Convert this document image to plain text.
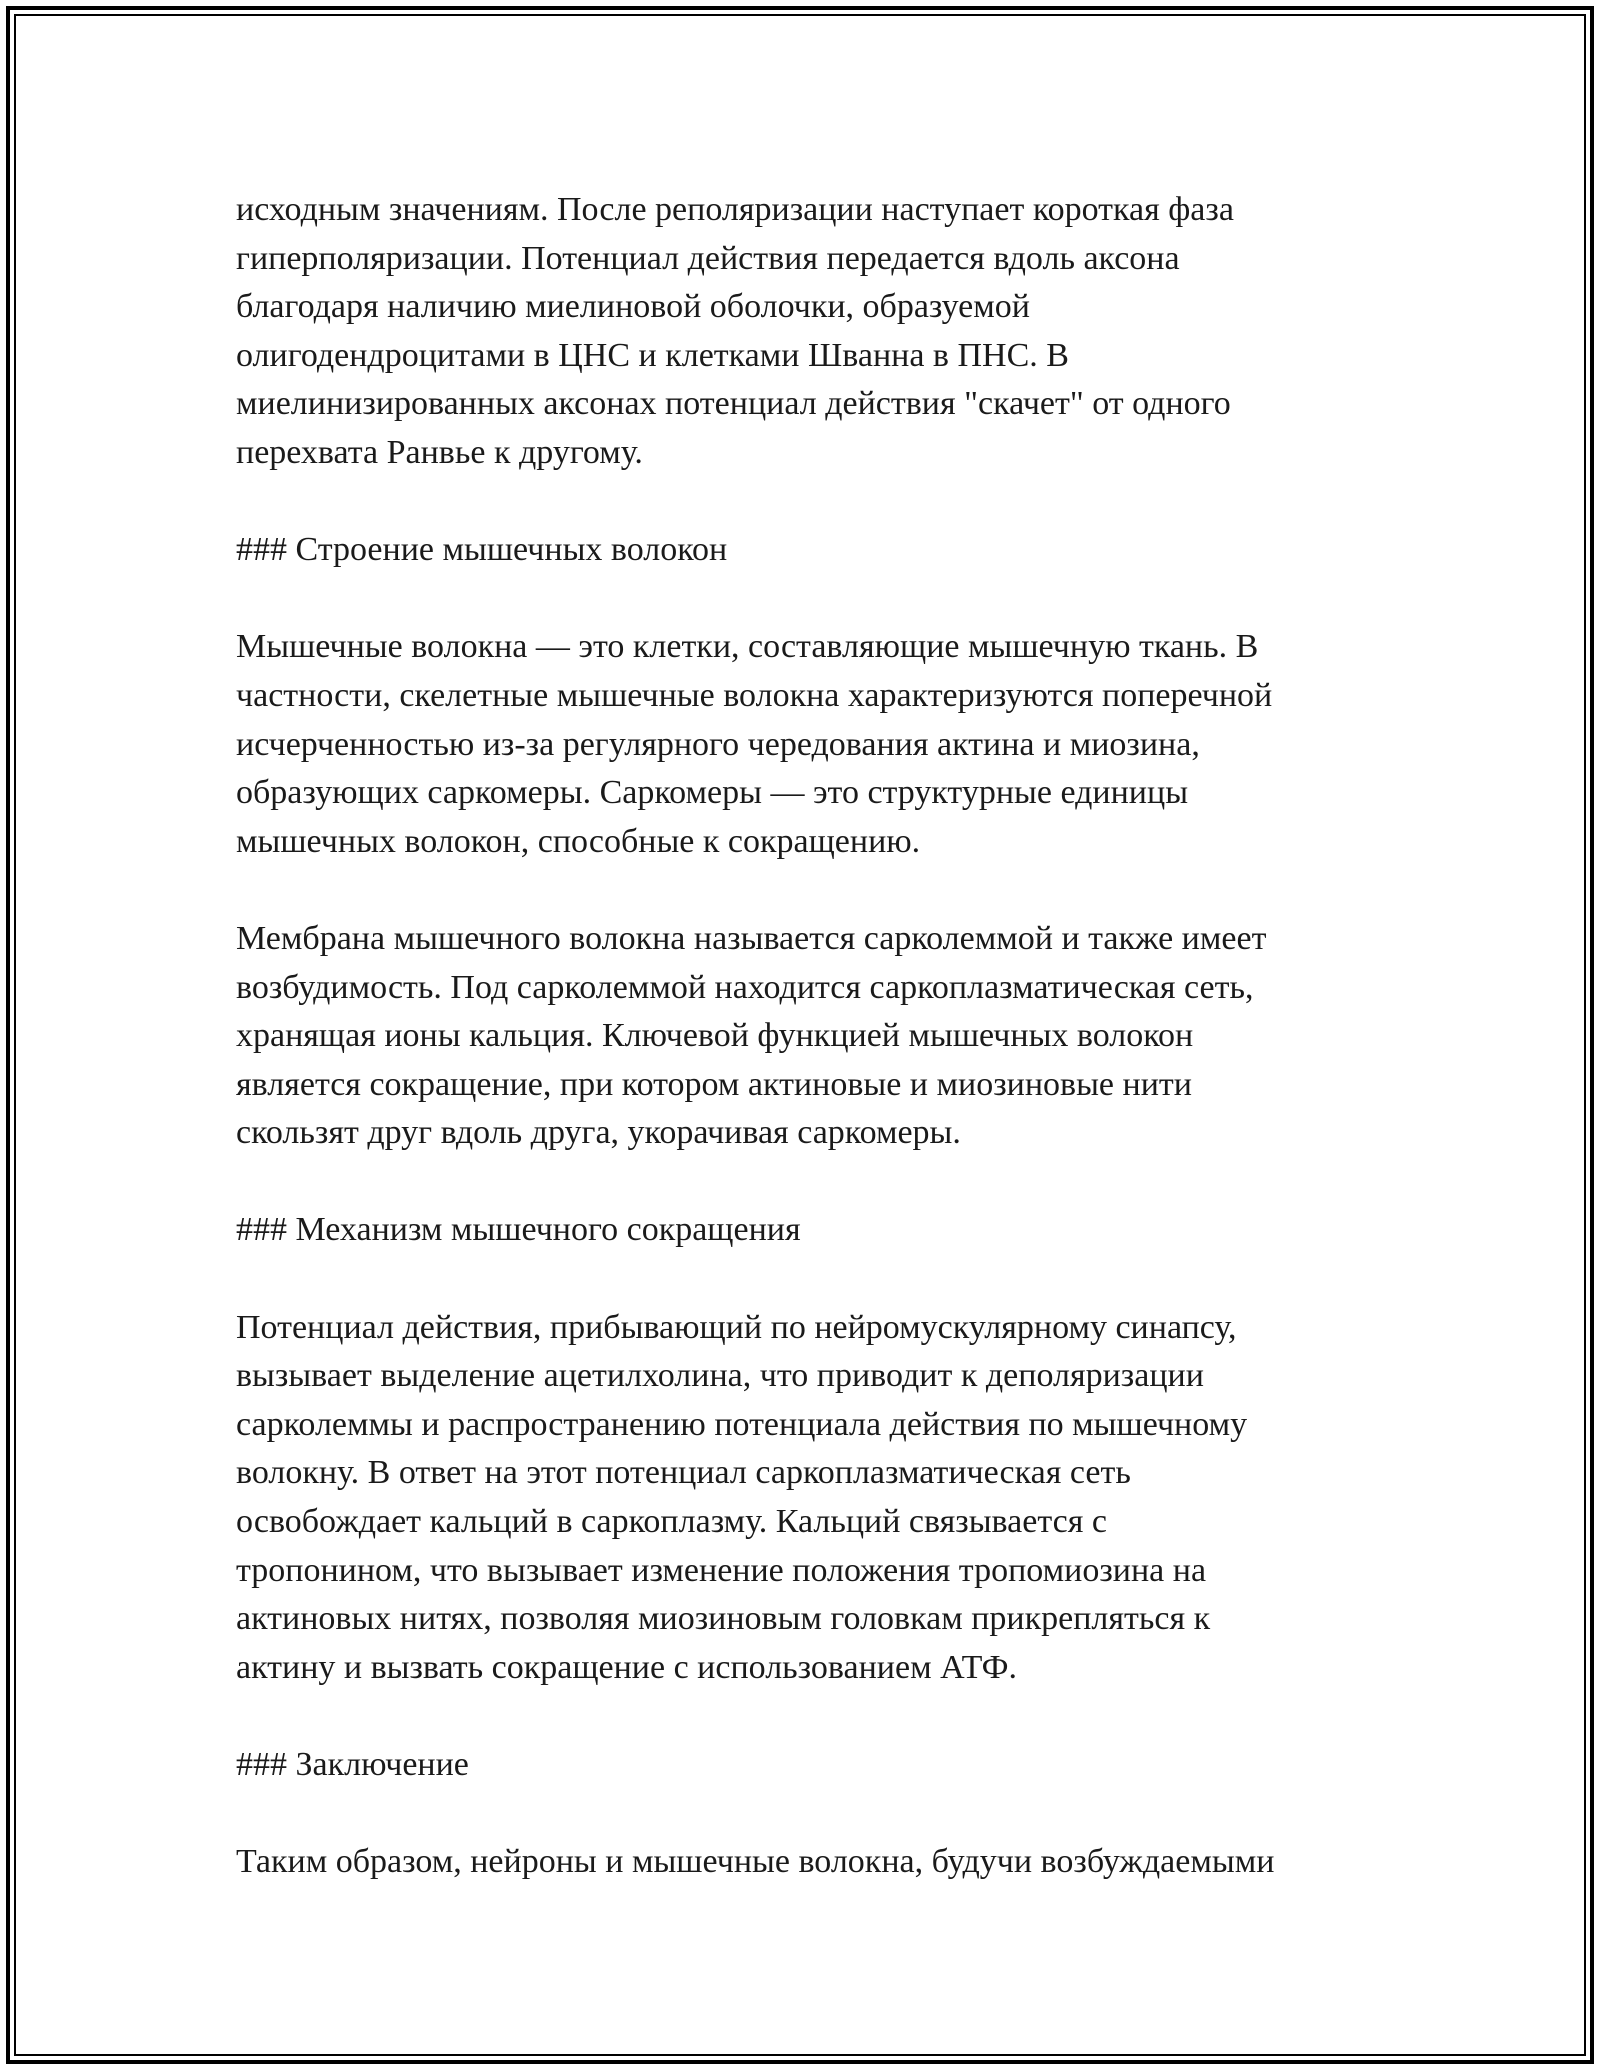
исходным значениям. После реполяризации наступает короткая фаза
гиперполяризации. Потенциал действия передается вдоль аксона
благодаря наличию миелиновой оболочки, образуемой
олигодендроцитами в ЦНС и клетками Шванна в ПНС. В
миелинизированных аксонах потенциал действия "скачет" от одного
перехвата Ранвье к другому.

### Строение мышечных волокон

Мышечные волокна — это клетки, составляющие мышечную ткань. В
частности, скелетные мышечные волокна характеризуются поперечной
исчерченностью из-за регулярного чередования актина и миозина,
образующих саркомеры. Саркомеры — это структурные единицы
мышечных волокон, способные к сокращению.

Мембрана мышечного волокна называется сарколеммой и также имеет
возбудимость. Под сарколеммой находится саркоплазматическая сеть,
хранящая ионы кальция. Ключевой функцией мышечных волокон
является сокращение, при котором актиновые и миозиновые нити
скользят друг вдоль друга, укорачивая саркомеры.

### Механизм мышечного сокращения

Потенциал действия, прибывающий по нейромускулярному синапсу,
вызывает выделение ацетилхолина, что приводит к деполяризации
сарколеммы и распространению потенциала действия по мышечному
волокну. В ответ на этот потенциал саркоплазматическая сеть
освобождает кальций в саркоплазму. Кальций связывается с
тропонином, что вызывает изменение положения тропомиозина на
актиновых нитях, позволяя миозиновым головкам прикрепляться к
актину и вызвать сокращение с использованием АТФ.

### Заключение

Таким образом, нейроны и мышечные волокна, будучи возбуждаемыми
